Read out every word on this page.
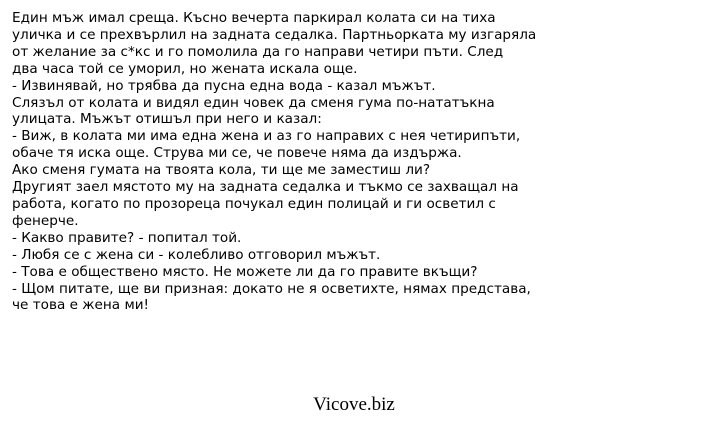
Един мъж имал среща. Късно вечерта паркирал колата си на тиха
уличка и се прехвърлил на задната седалка. Партньорката му изгаряла
от желание за с*кс и го помолила да го направи четири пъти. След
два часа той се уморил, но жената искала още.
- Извинявай, но трябва да пусна една вода - казал мъжът.
Слязъл от колата и видял един човек да сменя гума по-нататъкна
улицата. Мъжът отишъл при него и казал:
- Виж, в колата ми има една жена и аз го направих с нея четирипъти,
обаче тя иска още. Струва ми се, че повече няма да издържа.
Ако сменя гумата на твоята кола, ти ще ме заместиш ли?
Другият заел мястото му на задната седалка и тъкмо се захващал на
работа, когато по прозореца почукал един полицай и ги осветил с
фенерче.
- Какво правите? - попитал той.
- Любя се с жена си - колебливо отговорил мъжът.
- Това е обществено място. Не можете ли да го правите вкъщи?
- Щом питате, ще ви призная: докато не я осветихте, нямах представа,
че това е жена ми!
Vicove.biz
